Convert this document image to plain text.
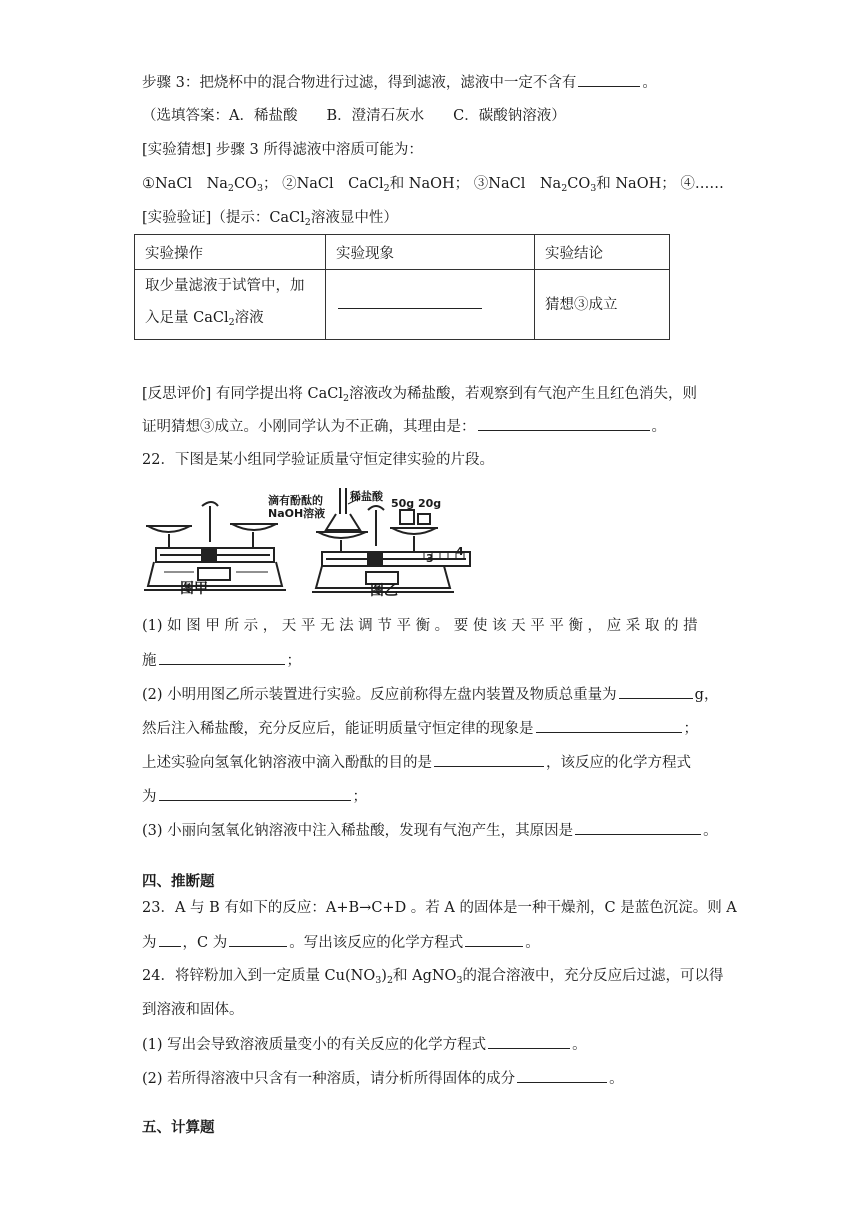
步骤 3：把烧杯中的混合物进行过滤，得到滤液，滤液中一定不含有	。
（选填答案：A．稀盐酸　　B．澄清石灰水　　C．碳酸钠溶液）
[实验猜想] 步骤 3 所得滤液中溶质可能为：
①NaCl　$Na_2CO_3$； ②NaCl　CaCl$_2$和 NaOH； ③NaCl　$Na_2CO_3$和 NaOH； ④……
[实验验证]（提示：CaCl$_2$溶液显中性）
实验操作	实验现象	实验结论

取少量滤液于试管中，加
入足量 CaCl$_2$溶液		猜想③成立
[反思评价] 有同学提出将 CaCl$_2$溶液改为稀盐酸，若观察到有气泡产生且红色消失，则
证明猜想③成立。小刚同学认为不正确，其理由是：	。
22．下图是某小组同学验证质量守恒定律实验的片段。
图甲
滴有酚酞的
NaOH溶液
稀盐酸
50g 20g
3
4
图乙
(1) 如 图 甲 所 示 ， 天 平 无 法 调 节 平 衡 。 要 使 该 天 平 平 衡 ， 应 采 取 的 措
施	；
(2) 小明用图乙所示装置进行实验。反应前称得左盘内装置及物质总重量为	g，
然后注入稀盐酸，充分反应后，能证明质量守恒定律的现象是	；
上述实验向氢氧化钠溶液中滴入酚酞的目的是	，该反应的化学方程式
为	；
(3) 小丽向氢氧化钠溶液中注入稀盐酸，发现有气泡产生，其原因是	。
四、推断题
23．A 与 B 有如下的反应：A+B→C+D 。若 A 的固体是一种干燥剂，C 是蓝色沉淀。则 A
为 ，C 为	。写出该反应的化学方程式	。
24．将锌粉加入到一定质量 $Cu(NO_3)_2$和 AgNO$_3$的混合溶液中，充分反应后过滤，可以得
到溶液和固体。
(1) 写出会导致溶液质量变小的有关反应的化学方程式	。
(2) 若所得溶液中只含有一种溶质，请分析所得固体的成分	。
五、计算题
